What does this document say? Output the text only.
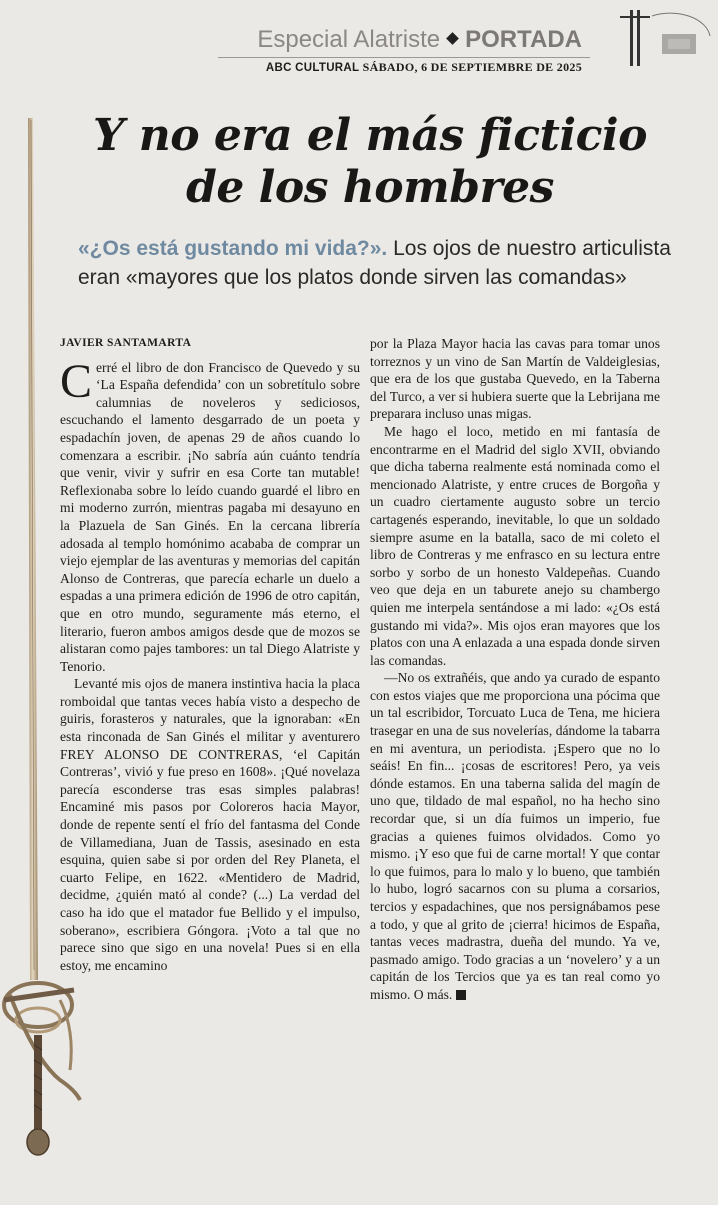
Especial Alatriste PORTADA
ABC CULTURAL SÁBADO, 6 DE SEPTIEMBRE DE 2025
Y no era el más ficticio
de los hombres
«¿Os está gustando mi vida?». Los ojos de nuestro articulista eran «mayores que los platos donde sirven las comandas»
JAVIER SANTAMARTA

Cerré el libro de don Francisco de Quevedo y su ‘La España defendida’ con un sobretítulo sobre calumnias de noveleros y sediciosos, escuchando el lamento desgarrado de un poeta y espadachín joven, de apenas 29 de años cuando lo comenzara a escribir. ¡No sabría aún cuánto tendría que venir, vivir y sufrir en esa Corte tan mutable! Reflexionaba sobre lo leído cuando guardé el libro en mi moderno zurrón, mientras pagaba mi desayuno en la Plazuela de San Ginés. En la cercana librería adosada al templo homónimo acababa de comprar un viejo ejemplar de las aventuras y memorias del capitán Alonso de Contreras, que parecía echarle un duelo a espadas a una primera edición de 1996 de otro capitán, que en otro mundo, seguramente más eterno, el literario, fueron ambos amigos desde que de mozos se alistaran como pajes tambores: un tal Diego Alatriste y Tenorio.

Levanté mis ojos de manera instintiva hacia la placa romboidal que tantas veces había visto a despecho de guiris, forasteros y naturales, que la ignoraban: «En esta rinconada de San Ginés el militar y aventurero FREY ALONSO DE CONTRERAS, ‘el Capitán Contreras’, vivió y fue preso en 1608». ¡Qué novelaza parecía esconderse tras esas simples palabras! Encaminé mis pasos por Coloreros hacia Mayor, donde de repente sentí el frío del fantasma del Conde de Villamediana, Juan de Tassis, asesinado en esta esquina, quien sabe si por orden del Rey Planeta, el cuarto Felipe, en 1622. «Mentidero de Madrid, decidme, ¿quién mató al conde? (...) La verdad del caso ha ido que el matador fue Bellido y el impulso, soberano», escribiera Góngora. ¡Voto a tal que no parece sino que sigo en una novela! Pues si en ella estoy, me encamino

por la Plaza Mayor hacia las cavas para tomar unos torreznos y un vino de San Martín de Valdeiglesias, que era de los que gustaba Quevedo, en la Taberna del Turco, a ver si hubiera suerte que la Lebrijana me preparara incluso unas migas.

Me hago el loco, metido en mi fantasía de encontrarme en el Madrid del siglo XVII, obviando que dicha taberna realmente está nominada como el mencionado Alatriste, y entre cruces de Borgoña y un cuadro ciertamente augusto sobre un tercio cartagenés esperando, inevitable, lo que un soldado siempre asume en la batalla, saco de mi coleto el libro de Contreras y me enfrasco en su lectura entre sorbo y sorbo de un honesto Valdepeñas. Cuando veo que deja en un taburete anejo su chambergo quien me interpela sentándose a mi lado: «¿Os está gustando mi vida?». Mis ojos eran mayores que los platos con una A enlazada a una espada donde sirven las comandas.

—No os extrañéis, que ando ya curado de espanto con estos viajes que me proporciona una pócima que un tal escribidor, Torcuato Luca de Tena, me hiciera trasegar en una de sus novelerías, dándome la tabarra en mi aventura, un periodista. ¡Espero que no lo seáis! En fin... ¡cosas de escritores! Pero, ya veis dónde estamos. En una taberna salida del magín de uno que, tildado de mal español, no ha hecho sino recordar que, si un día fuimos un imperio, fue gracias a quienes fuimos olvidados. Como yo mismo. ¡Y eso que fui de carne mortal! Y que contar lo que fuimos, para lo malo y lo bueno, que también lo hubo, logró sacarnos con su pluma a corsarios, tercios y espadachines, que nos persignábamos pese a todo, y que al grito de ¡cierra! hicimos de España, tantas veces madrastra, dueña del mundo. Ya ve, pasmado amigo. Todo gracias a un ‘novelero’ y a un capitán de los Tercios que ya es tan real como yo mismo. O más.
